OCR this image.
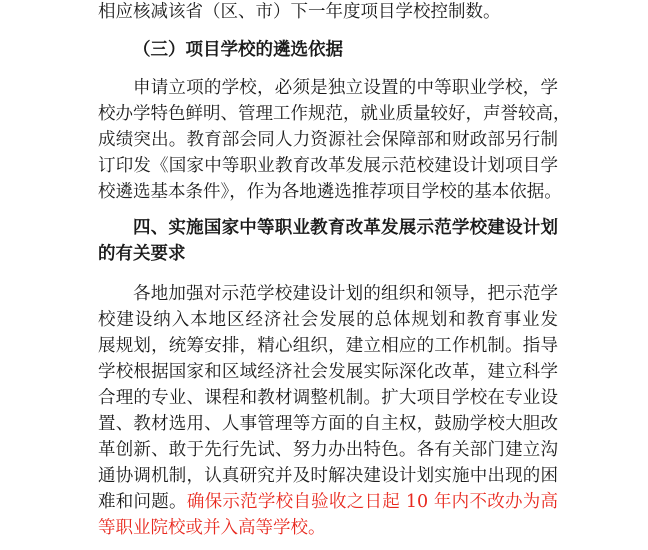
相应核减该省（区、市）下一年度项目学校控制数。
（三）项目学校的遴选依据
申请立项的学校，必须是独立设置的中等职业学校，学
校办学特色鲜明、管理工作规范，就业质量较好，声誉较高，
成绩突出。教育部会同人力资源社会保障部和财政部另行制
订印发《国家中等职业教育改革发展示范校建设计划项目学
校遴选基本条件》，作为各地遴选推荐项目学校的基本依据。
四、实施国家中等职业教育改革发展示范学校建设计划
的有关要求
各地加强对示范学校建设计划的组织和领导，把示范学
校建设纳入本地区经济社会发展的总体规划和教育事业发
展规划，统筹安排，精心组织，建立相应的工作机制。指导
学校根据国家和区域经济社会发展实际深化改革，建立科学
合理的专业、课程和教材调整机制。扩大项目学校在专业设
置、教材选用、人事管理等方面的自主权，鼓励学校大胆改
革创新、敢于先行先试、努力办出特色。各有关部门建立沟
通协调机制，认真研究并及时解决建设计划实施中出现的困
难和问题。确保示范学校自验收之日起 10 年内不改办为高
等职业院校或并入高等学校。
